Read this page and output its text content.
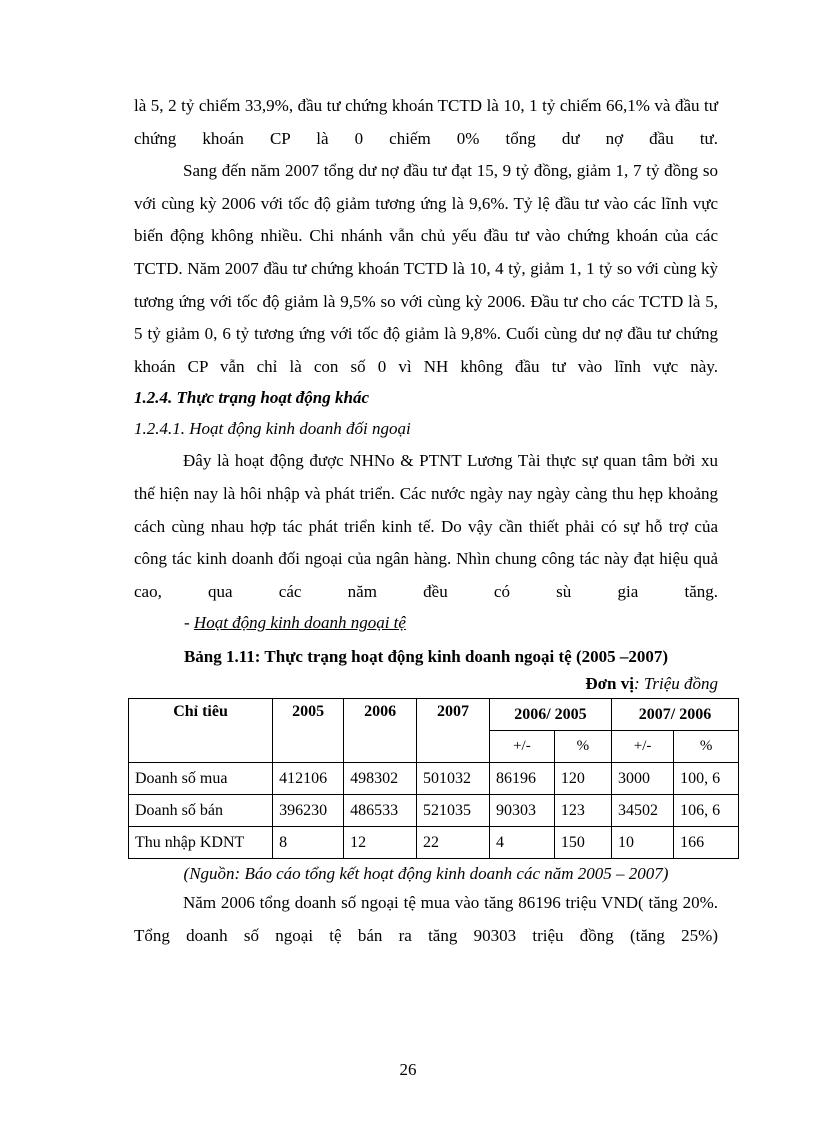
là 5, 2 tỷ chiếm 33,9%, đầu tư chứng khoán TCTD là 10, 1 tỷ chiếm 66,1% và đầu tư chứng khoán CP là 0 chiếm 0% tổng dư nợ đầu tư.

Sang đến năm 2007 tổng dư nợ đầu tư đạt 15, 9 tỷ đồng, giảm 1, 7 tỷ đồng so với cùng kỳ 2006 với tốc độ giảm tương ứng là 9,6%. Tỷ lệ đầu tư vào các lĩnh vực biến động không nhiều. Chi nhánh vẫn chủ yếu đầu tư vào chứng khoán của các TCTD. Năm 2007 đầu tư chứng khoán TCTD là 10, 4 tỷ, giảm 1, 1 tỷ so với cùng kỳ tương ứng với tốc độ giảm là 9,5% so với cùng kỳ 2006. Đầu tư cho các TCTD là 5, 5 tỷ giảm 0, 6 tỷ tương ứng với tốc độ giảm là 9,8%. Cuối cùng dư nợ đầu tư chứng khoán CP vẫn chỉ là con số 0 vì NH không đầu tư vào lĩnh vực này.

1.2.4. Thực trạng hoạt động khác

1.2.4.1. Hoạt động kinh doanh đối ngoại

Đây là hoạt động được NHNo & PTNT Lương Tài thực sự quan tâm bởi xu thế hiện nay là hôi nhập và phát triển. Các nước ngày nay ngày càng thu hẹp khoảng cách cùng nhau hợp tác phát triển kinh tế. Do vậy cần thiết phải có sự hỗ trợ của công tác kinh doanh đối ngoại của ngân hàng. Nhìn chung công tác này đạt hiệu quả cao, qua các năm đều có sù gia tăng.

- Hoạt động kinh doanh ngoại tệ

Bảng 1.11: Thực trạng hoạt động kinh doanh ngoại tệ (2005 –2007)

Đơn vị: Triệu đồng

Chỉ tiêu	2005	2006	2007	2006/ 2005		2007/ 2006	
				+/-	%	+/-	%
Doanh số mua	412106	498302	501032	86196	120	3000	100, 6
Doanh số bán	396230	486533	521035	90303	123	34502	106, 6
Thu nhập KDNT	8	12	22	4	150	10	166

(Nguồn: Báo cáo tổng kết hoạt động kinh doanh các năm 2005 – 2007)

Năm 2006 tổng doanh số ngoại tệ mua vào tăng 86196 triệu VND( tăng 20%. Tổng doanh số ngoại tệ bán ra tăng 90303 triệu đồng (tăng 25%)

26
